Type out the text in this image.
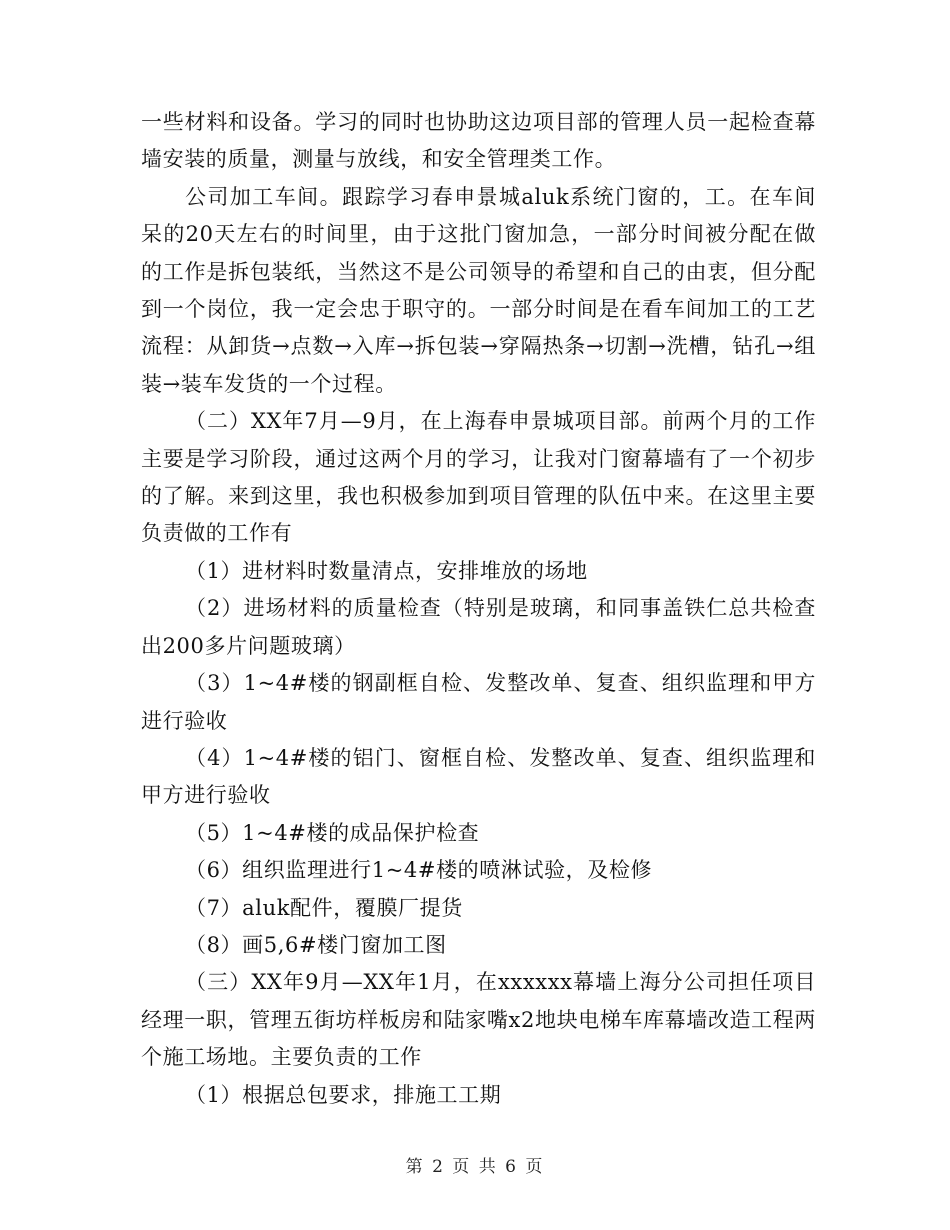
一些材料和设备。学习的同时也协助这边项目部的管理人员一起检查幕墙安装的质量，测量与放线，和安全管理类工作。

公司加工车间。跟踪学习春申景城aluk系统门窗的，工。在车间呆的20天左右的时间里，由于这批门窗加急，一部分时间被分配在做的工作是拆包装纸，当然这不是公司领导的希望和自己的由衷，但分配到一个岗位，我一定会忠于职守的。一部分时间是在看车间加工的工艺流程：从卸货→点数→入库→拆包装→穿隔热条→切割→洗槽，钻孔→组装→装车发货的一个过程。

（二）XX年7月—9月，在上海春申景城项目部。前两个月的工作主要是学习阶段，通过这两个月的学习，让我对门窗幕墙有了一个初步的了解。来到这里，我也积极参加到项目管理的队伍中来。在这里主要负责做的工作有

（1）进材料时数量清点，安排堆放的场地

（2）进场材料的质量检查（特别是玻璃，和同事盖铁仁总共检查出200多片问题玻璃）

（3）1~4#楼的钢副框自检、发整改单、复查、组织监理和甲方进行验收

（4）1~4#楼的铝门、窗框自检、发整改单、复查、组织监理和甲方进行验收

（5）1~4#楼的成品保护检查

（6）组织监理进行1~4#楼的喷淋试验，及检修

（7）aluk配件，覆膜厂提货

（8）画5,6#楼门窗加工图

（三）XX年9月—XX年1月，在xxxxxx幕墙上海分公司担任项目经理一职，管理五街坊样板房和陆家嘴x2地块电梯车库幕墙改造工程两个施工场地。主要负责的工作

（1）根据总包要求，排施工工期

第 2 页 共 6 页
